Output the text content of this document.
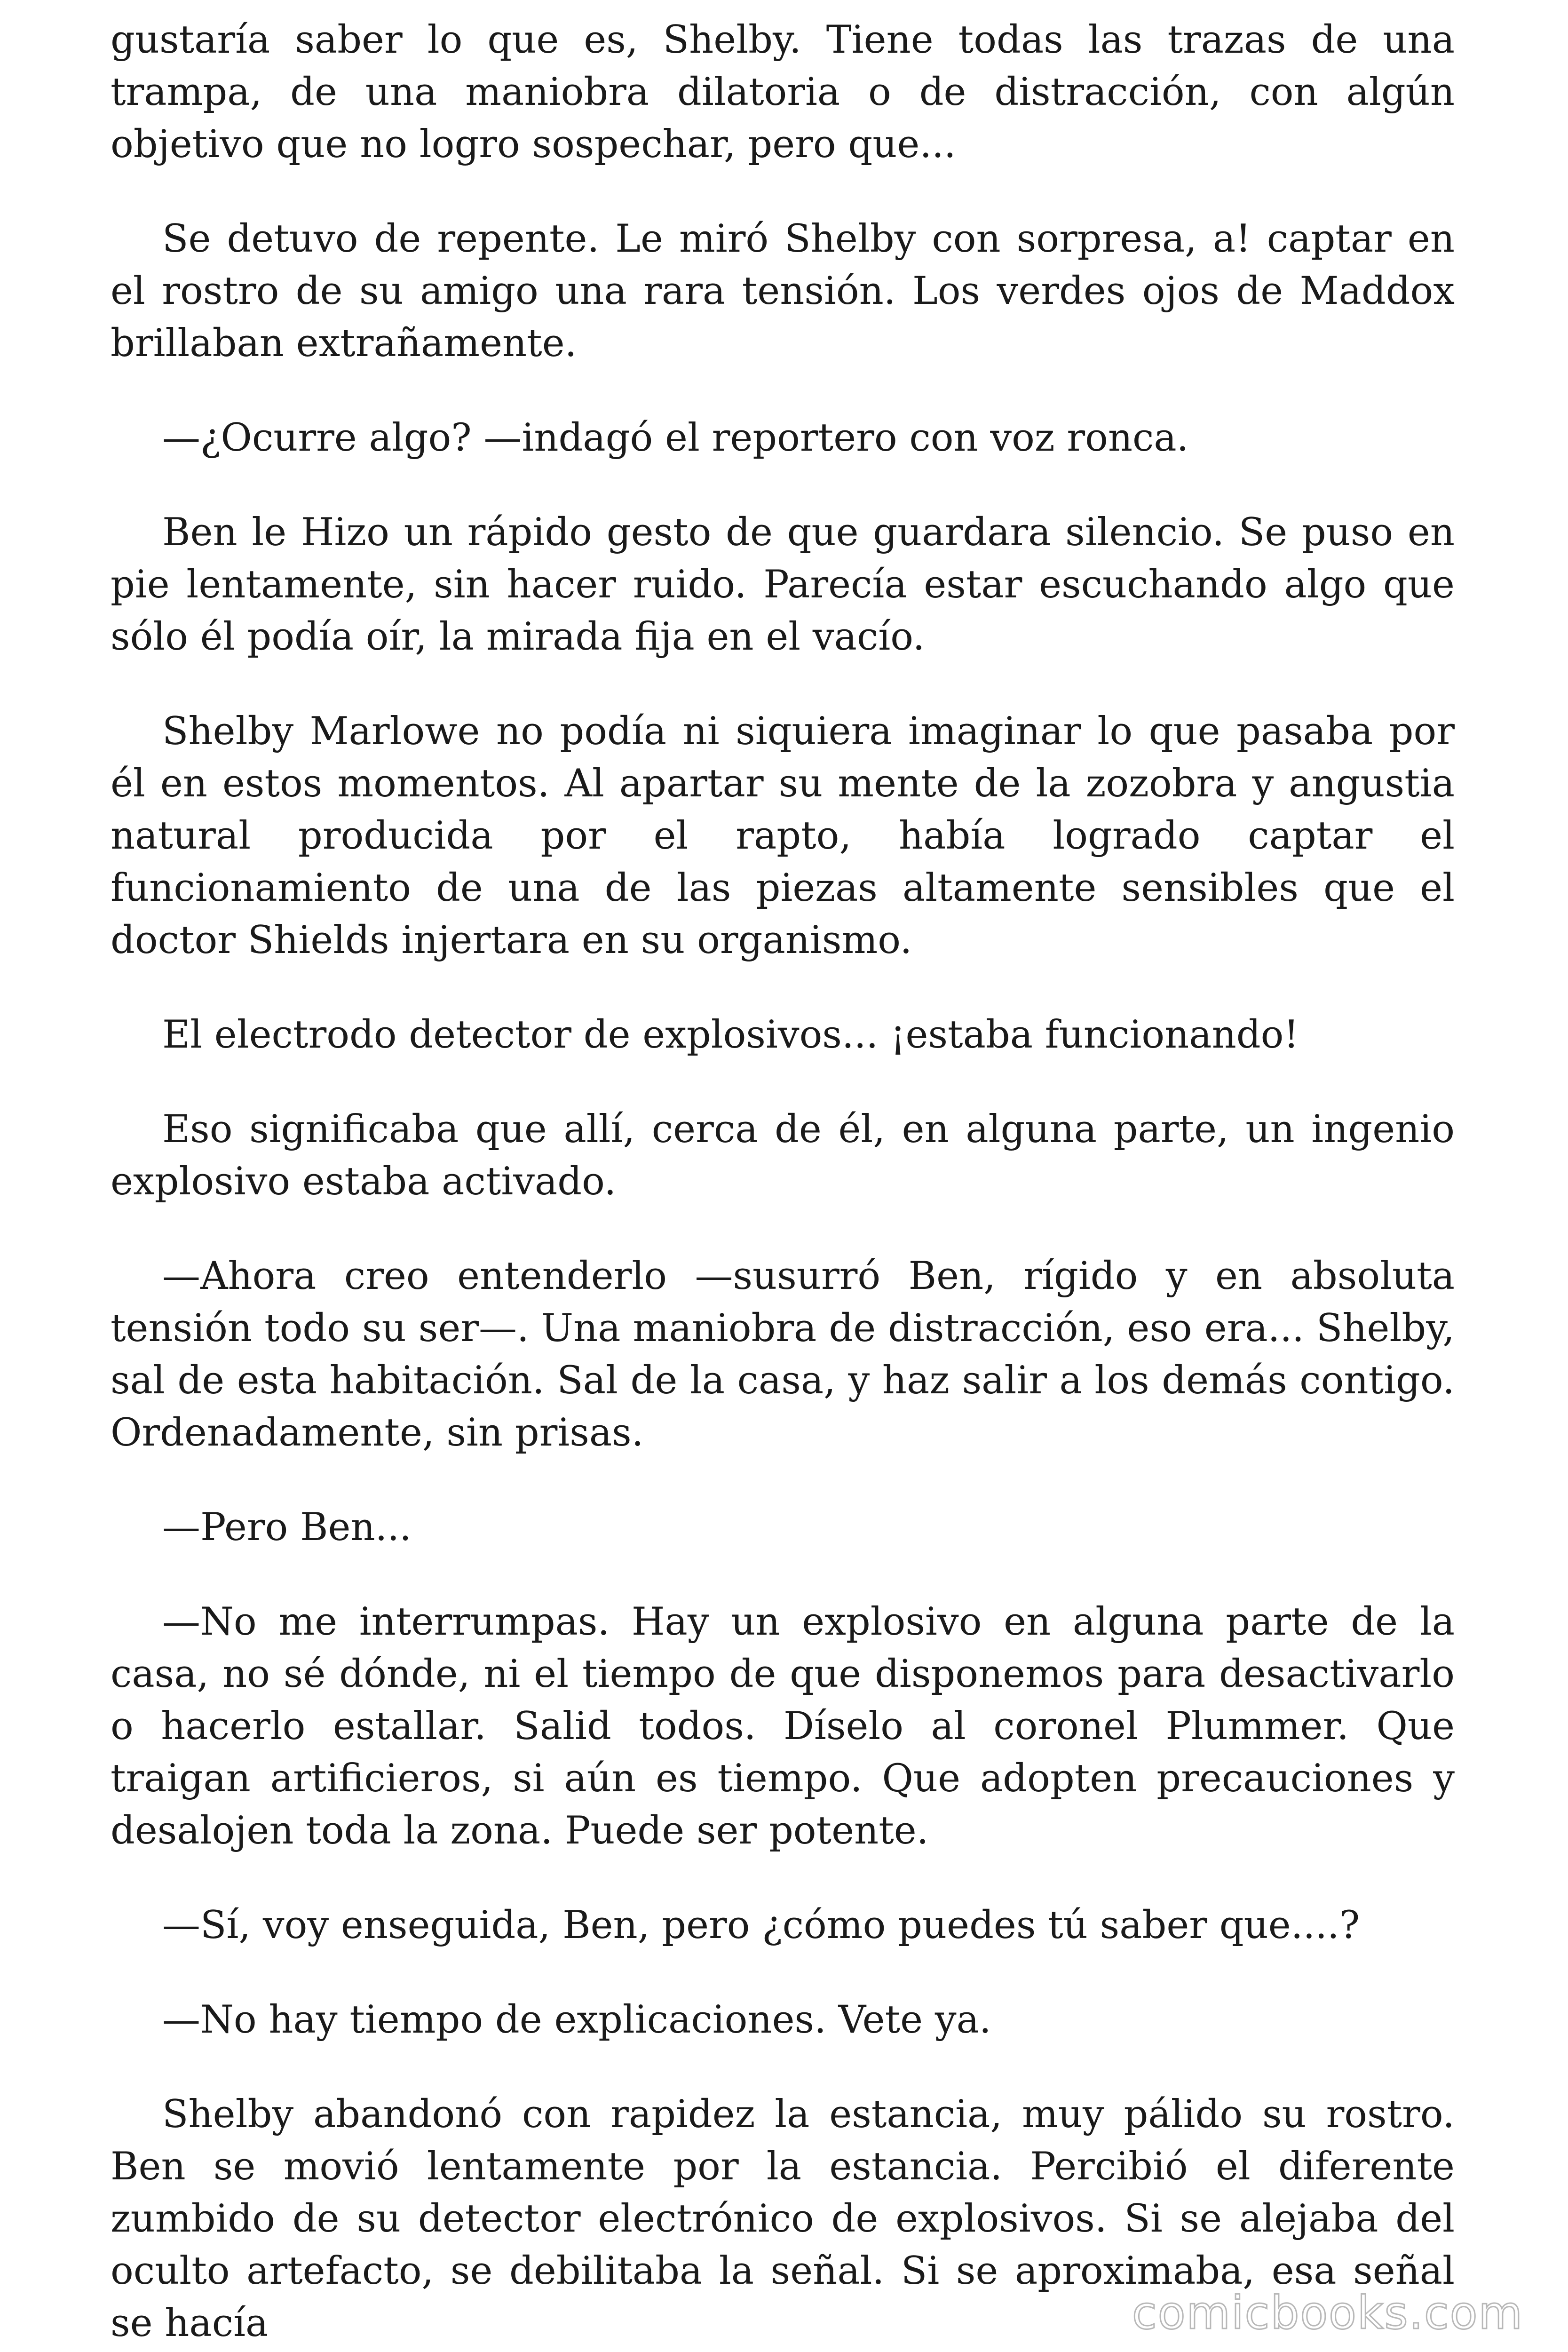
gustaría saber lo que es, Shelby. Tiene todas las trazas de una trampa, de una maniobra dilatoria o de distracción, con algún objetivo que no logro sospechar, pero que...

Se detuvo de repente. Le miró Shelby con sorpresa, a! captar en el rostro de su amigo una rara tensión. Los verdes ojos de Maddox brillaban extrañamente.

—¿Ocurre algo? —indagó el reportero con voz ronca.

Ben le Hizo un rápido gesto de que guardara silencio. Se puso en pie lentamente, sin hacer ruido. Parecía estar escuchando algo que sólo él podía oír, la mirada fija en el vacío.

Shelby Marlowe no podía ni siquiera imaginar lo que pasaba por él en estos momentos. Al apartar su mente de la zozobra y angustia natural producida por el rapto, había logrado captar el funcionamiento de una de las piezas altamente sensibles que el doctor Shields injertara en su organismo.

El electrodo detector de explosivos... ¡estaba funcionando!

Eso significaba que allí, cerca de él, en alguna parte, un ingenio explosivo estaba activado.

—Ahora creo entenderlo —susurró Ben, rígido y en absoluta tensión todo su ser—. Una maniobra de distracción, eso era... Shelby, sal de esta habitación. Sal de la casa, y haz salir a los demás contigo. Ordenadamente, sin prisas.

—Pero Ben...

—No me interrumpas. Hay un explosivo en alguna parte de la casa, no sé dónde, ni el tiempo de que disponemos para desactivarlo o hacerlo estallar. Salid todos. Díselo al coronel Plummer. Que traigan artificieros, si aún es tiempo. Que adopten precauciones y desalojen toda la zona. Puede ser potente.

—Sí, voy enseguida, Ben, pero ¿cómo puedes tú saber que....?

—No hay tiempo de explicaciones. Vete ya.

Shelby abandonó con rapidez la estancia, muy pálido su rostro. Ben se movió lentamente por la estancia. Percibió el diferente zumbido de su detector electrónico de explosivos. Si se alejaba del oculto artefacto, se debilitaba la señal. Si se aproximaba, esa señal se hacía	comicbooks.com
